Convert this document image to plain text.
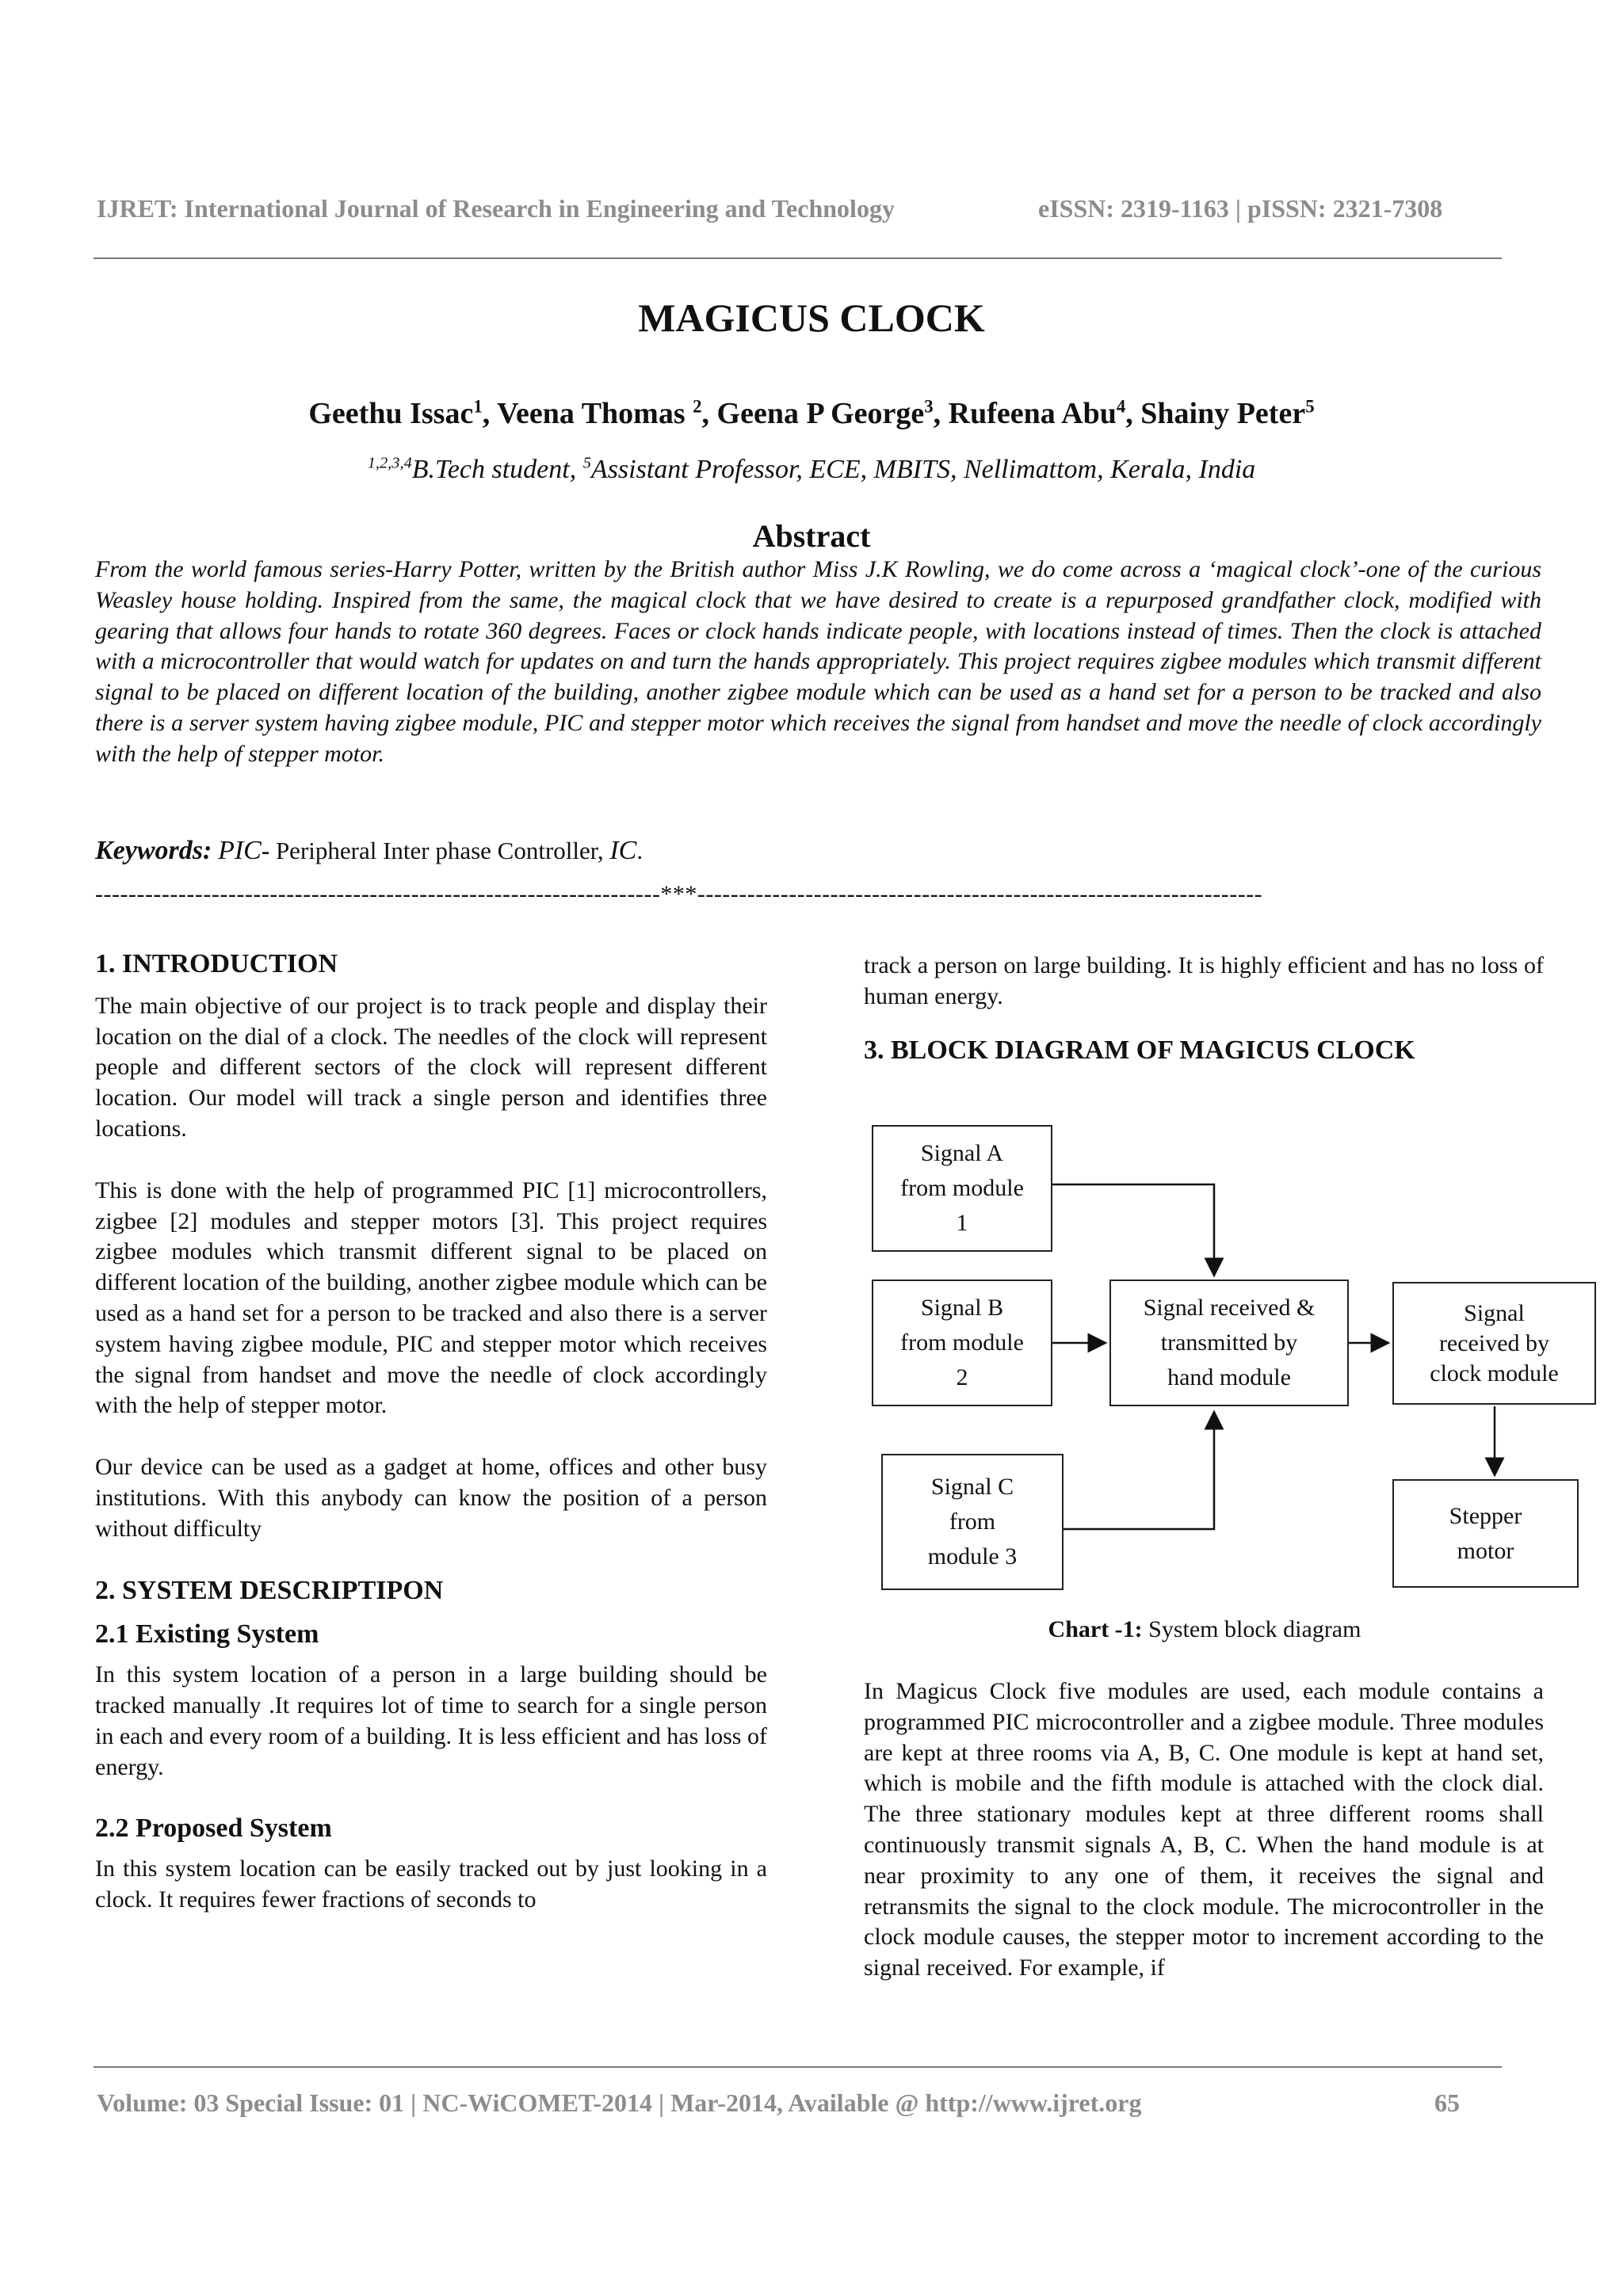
IJRET: International Journal of Research in Engineering and Technology	eISSN: 2319-1163 | pISSN: 2321-7308
MAGICUS CLOCK
Geethu Issac$^1$, Veena Thomas $^2$, Geena P George$^3$, Rufeena Abu$^4$, Shainy Peter$^5$
$^{1,2,3,4}$B.Tech student, $^5$Assistant Professor, ECE, MBITS, Nellimattom, Kerala, India
Abstract

From the world famous series-Harry Potter, written by the British author Miss J.K Rowling, we do come across a ‘magical clock’-one of the curious Weasley house holding. Inspired from the same, the magical clock that we have desired to create is a repurposed grandfather clock, modified with gearing that allows four hands to rotate 360 degrees. Faces or clock hands indicate people, with locations instead of times. Then the clock is attached with a microcontroller that would watch for updates on and turn the hands appropriately. This project requires zigbee modules which transmit different signal to be placed on different location of the building, another zigbee module which can be used as a hand set for a person to be tracked and also there is a server system having zigbee module, PIC and stepper motor which receives the signal from handset and move the needle of clock accordingly with the help of stepper motor.

Keywords: PIC- Peripheral Inter phase Controller, IC.
--------------------------------------------------------------------***--------------------------------------------------------------------
1. INTRODUCTION

The main objective of our project is to track people and display their location on the dial of a clock. The needles of the clock will represent people and different sectors of the clock will represent different location. Our model will track a single person and identifies three locations.

This is done with the help of programmed PIC [1] microcontrollers, zigbee [2] modules and stepper motors [3]. This project requires zigbee modules which transmit different signal to be placed on different location of the building, another zigbee module which can be used as a hand set for a person to be tracked and also there is a server system having zigbee module, PIC and stepper motor which receives the signal from handset and move the needle of clock accordingly with the help of stepper motor.

Our device can be used as a gadget at home, offices and other busy institutions. With this anybody can know the position of a person without difficulty

2. SYSTEM DESCRIPTIPON
2.1 Existing System

In this system location of a person in a large building should be tracked manually .It requires lot of time to search for a single person in each and every room of a building. It is less efficient and has loss of energy.

2.2 Proposed System

In this system location can be easily tracked out by just looking in a clock. It requires fewer fractions of seconds to

track a person on large building. It is highly efficient and has no loss of human energy.

3. BLOCK DIAGRAM OF MAGICUS CLOCK
Signal A
from module
1
Signal B
from module
2
Signal C
from
module 3
Signal received &
transmitted by
hand module
Signal
received by
clock module
Stepper
motor
Chart -1: System block diagram

In Magicus Clock five modules are used, each module contains a programmed PIC microcontroller and a zigbee module. Three modules are kept at three rooms via A, B, C. One module is kept at hand set, which is mobile and the fifth module is attached with the clock dial. The three stationary modules kept at three different rooms shall continuously transmit signals A, B, C. When the hand module is at near proximity to any one of them, it receives the signal and retransmits the signal to the clock module. The microcontroller in the clock module causes, the stepper motor to increment according to the signal received. For example, if

Volume: 03 Special Issue: 01 | NC-WiCOMET-2014 | Mar-2014, Available @ http://www.ijret.org	65
